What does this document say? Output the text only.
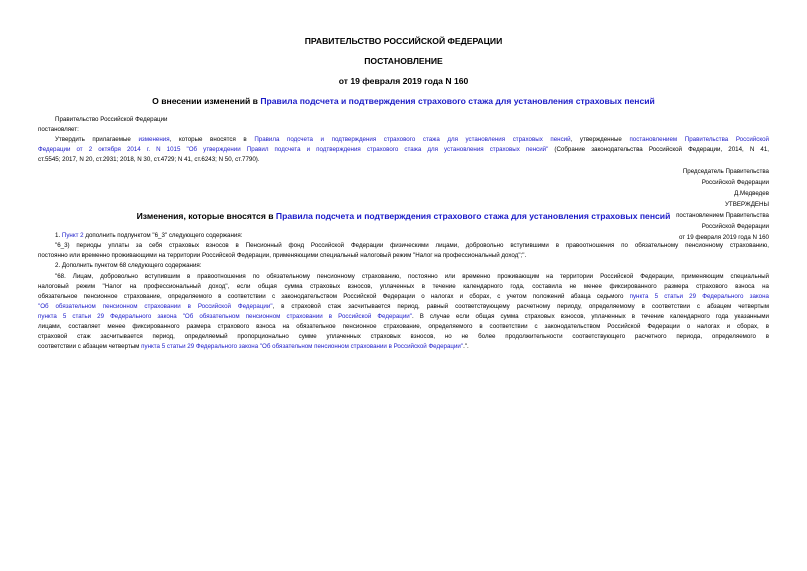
ПРАВИТЕЛЬСТВО РОССИЙСКОЙ ФЕДЕРАЦИИ
ПОСТАНОВЛЕНИЕ
от 19 февраля 2019 года N 160
О внесении изменений в Правила подсчета и подтверждения страхового стажа для установления страховых пенсий
Правительство Российской Федерации
постановляет:
Утвердить прилагаемые изменения, которые вносятся в Правила подсчета и подтверждения страхового стажа для установления страховых пенсий, утвержденные постановлением Правительства Российской
Федерации от 2 октября 2014 г. N 1015 "Об утверждении Правил подсчета и подтверждения страхового стажа для установления страховых пенсий" (Собрание законодательства Российской Федерации, 2014, N 41,
ст.5545; 2017, N 20, ст.2931; 2018, N 30, ст.4729; N 41, ст.6243; N 50, ст.7790).
Председатель Правительства
Российской Федерации
Д.Медведев
УТВЕРЖДЕНЫ
постановлением Правительства
Российской Федерации
от 19 февраля 2019 года N 160
Изменения, которые вносятся в Правила подсчета и подтверждения страхового стажа для установления страховых пенсий
1. Пункт 2 дополнить подпунктом "6_3" следующего содержания:
"6_3) периоды уплаты за себя страховых взносов в Пенсионный фонд Российской Федерации физическими лицами, добровольно вступившими в правоотношения по обязательному пенсионному страхованию,
постоянно или временно проживающими на территории Российской Федерации, применяющими специальный налоговый режим "Налог на профессиональный доход";".
2. Дополнить пунктом 68 следующего содержания:
"68. Лицам, добровольно вступившим в правоотношения по обязательному пенсионному страхованию, постоянно или временно проживающим на территории Российской Федерации, применяющим специальный
налоговый режим "Налог на профессиональный доход", если общая сумма страховых взносов, уплаченных в течение календарного года, составила не менее фиксированного размера страхового взноса на
обязательное пенсионное страхование, определяемого в соответствии с законодательством Российской Федерации о налогах и сборах, с учетом положений абзаца седьмого пункта 5 статьи 29 Федерального закона
"Об обязательном пенсионном страховании в Российской Федерации", в страховой стаж засчитывается период, равный соответствующему расчетному периоду, определяемому в соответствии с абзацем четвертым
пункта 5 статьи 29 Федерального закона "Об обязательном пенсионном страховании в Российской Федерации". В случае если общая сумма страховых взносов, уплаченных в течение календарного года указанными
лицами, составляет менее фиксированного размера страхового взноса на обязательное пенсионное страхование, определяемого в соответствии с законодательством Российской Федерации о налогах и сборах, в
страховой стаж засчитывается период, определяемый пропорционально сумме уплаченных страховых взносов, но не более продолжительности соответствующего расчетного периода, определяемого в
соответствии с абзацем четвертым пункта 5 статьи 29 Федерального закона "Об обязательном пенсионном страховании в Российской Федерации".".
